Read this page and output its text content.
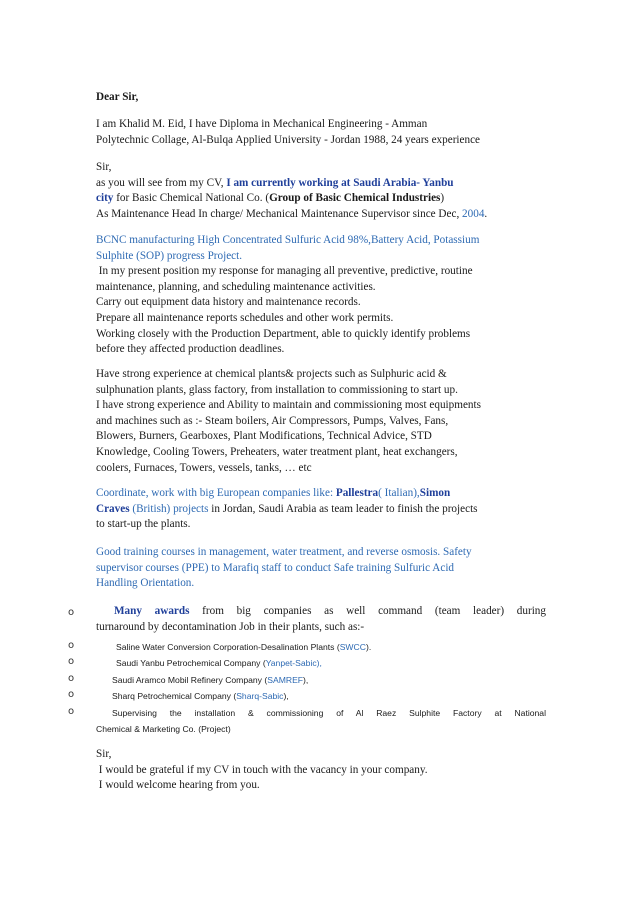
Dear Sir,

I am Khalid M. Eid, I have Diploma in Mechanical Engineering - Amman

Polytechnic Collage, Al-Bulqa Applied University - Jordan 1988, 24 years experience

Sir,

as you will see from my CV, I am currently working at Saudi Arabia- Yanbu

city for Basic Chemical National Co. (Group of Basic Chemical Industries)

As Maintenance Head In charge/ Mechanical Maintenance Supervisor since Dec, 2004.

BCNC manufacturing High Concentrated Sulfuric Acid 98%,Battery Acid, Potassium

Sulphite (SOP) progress Project.

In my present position my response for managing all preventive, predictive, routine

maintenance, planning, and scheduling maintenance activities.

Carry out equipment data history and maintenance records.

Prepare all maintenance reports schedules and other work permits.

Working closely with the Production Department, able to quickly identify problems

before they affected production deadlines.

Have strong experience at chemical plants& projects such as Sulphuric acid &

sulphunation plants, glass factory, from installation to commissioning to start up.

I have strong experience and Ability to maintain and commissioning most equipments

and machines such as :- Steam boilers, Air Compressors, Pumps, Valves, Fans,

Blowers, Burners, Gearboxes, Plant Modifications, Technical Advice, STD

Knowledge, Cooling Towers, Preheaters, water treatment plant, heat exchangers,

coolers, Furnaces, Towers, vessels, tanks, … etc

Coordinate, work with big European companies like: Pallestra( Italian),Simon

Craves (British) projects in Jordan, Saudi Arabia as team leader to finish the projects

to start-up the plants.

Good training courses in management, water treatment, and reverse osmosis. Safety

supervisor courses (PPE) to Marafiq staff to conduct Safe training Sulfuric Acid

Handling Orientation.

o	Many awards from big companies as well command (team leader) during

turnaround by decontamination Job in their plants, such as:-

o	Saline Water Conversion Corporation-Desalination Plants (SWCC).
o	Saudi Yanbu Petrochemical Company (Yanpet-Sabic),
o	Saudi Aramco Mobil Refinery Company (SAMREF),
o	Sharq Petrochemical Company (Sharq-Sabic),
o	Supervising the installation & commissioning of Al Raez Sulphite Factory at National

Chemical & Marketing Co. (Project)

Sir,

I would be grateful if my CV in touch with the vacancy in your company.

I would welcome hearing from you.
